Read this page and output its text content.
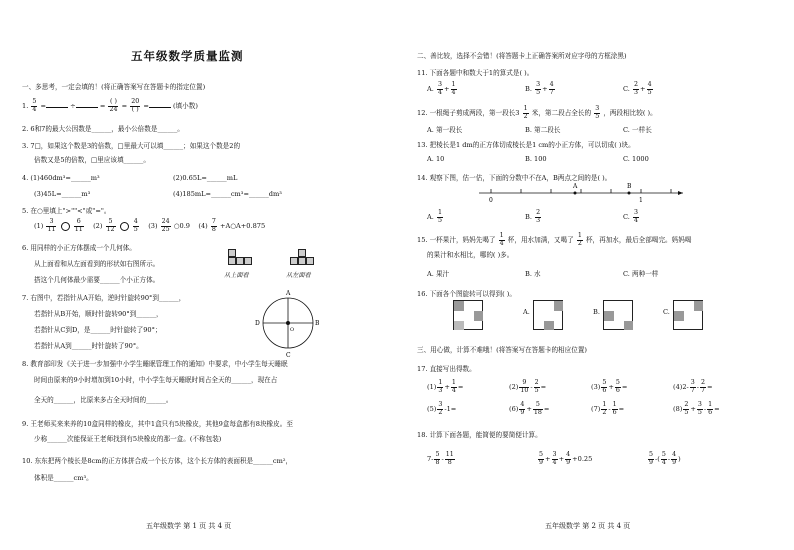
五年级数学质量监测
一、多思考，一定会填的！(将正确答案写在答题卡的指定位置)
1. $\frac{5}{4}$ =	÷	= $\frac{( )}{24} = \frac{20}{( )}$ =	(填小数)
2. 6和7的最大公因数是______，最小公倍数是______。
3. 7□，如果这个数是3的倍数，□里最大可以填______；如果这个数是2的
倍数又是5的倍数，□里应该填______。
4. (1)460dm³=______m³	(2)0.65L=______mL
(3)45L=______m³	(4)185mL=______cm³=______dm³
5. 在○里填上">""<"或"="。
$(1) \frac{3}{11}$
	$\frac{6}{11} (2) \frac{5}{12}$
	$\frac{4}{5} (3) \frac{24}{25}$ ○0.9 $(4) \frac{7}{8}$ +A○A+0.875
6. 用同样的小正方体摆成一个几何体。
从上面看和从左面看到的形状如右图所示。
搭这个几何体最少需要______个小正方体。
从上面看	从左面看
7. 右图中，若指针从A开始，逆时针旋转90°到______，
若指针从B开始，顺时针旋转90°到______，
若指针从C到D，是______时针旋转了90°；
若指针从A到______时针旋转了90°。
A
B
C
D
O
8. 教育部印发《关于进一步加强中小学生睡眠管理工作的通知》中要求，中小学生每天睡眠
时间由原来的9小时增加到10小时，中小学生每天睡眠时间占全天的______，现在占
全天的______，比原来多占全天时间的______。
9. 王老师买来来养的10盒同样的橡皮，其中1盒只有5块橡皮，其他9盒每盒都有8块橡皮。至
少称______次能保证王老师找到有5块橡皮的那一盒。(不称包装)
10. 东东把两个棱长是8cm的正方体拼合成一个长方体，这个长方体的表面积是______cm²，
体积是______cm³。
五年级数学 第 1 页 共 4 页
二、善比较，选择不会错！(将答题卡上正确答案所对应字母的方框涂黑)
11. 下面各题中和数大于1的算式是( )。
A. $\frac{3}{4} + \frac{1}{4}$	B. $\frac{3}{5} + \frac{4}{7}$	C. $\frac{2}{3} + \frac{4}{5}$
12. 一根绳子剪成两段，第一段长$3 \frac{1}{2}$ 米，第二段占全长的 $\frac{3}{5}$ ，两段相比较( )。
A. 第一段长	B. 第二段长	C. 一样长
13. 把棱长是1 dm的正方体切成棱长是1 cm的小正方体，可以切成( )块。
A. 10	B. 100	C. 1000
14. 观察下图，估一估，下面的分数中不在A，B两点之间的是( )。
0	1
A	B
A. $\frac{1}{5}$	B. $\frac{2}{3}$	C. $\frac{3}{4}$
15. 一杯果汁，妈妈先喝了 $\frac{1}{4}$ 杯，用水加满，又喝了 $\frac{1}{2}$ 杯，再加水，最后全部喝完。妈妈喝
的果汁和水相比，哪的( )多。
A. 果汁	B. 水	C. 两种一样
16. 下面各个图旋转可以得到( )。
A.	B.	C.
三、用心做，计算不难哦！(将答案写在答题卡的相应位置)
17. 直接写出得数。
$(1) \frac{1}{3} + \frac{1}{4}$ =	$(2) \frac{9}{10} - \frac{2}{5}$ =	$(3) \frac{5}{6} + \frac{5}{6}$ =	$(4)2- \frac{3}{7} - \frac{2}{7}$ =
$(5) \frac{3}{2} -1=$	$(6) \frac{4}{9} + \frac{5}{18}$ =	$(7) \frac{1}{2} - \frac{1}{6}$ =	$(8) \frac{2}{5} + \frac{3}{5} - \frac{1}{6}$ =
18. 计算下面各题，能简便的要简便计算。
$7- \frac{5}{8} - \frac{11}{8}$	$\frac{5}{9} + \frac{3}{4} + \frac{4}{9} +0.25$	$\frac{5}{9}$ -( $\frac{5}{4} - \frac{4}{9}$ )
五年级数学 第 2 页 共 4 页
